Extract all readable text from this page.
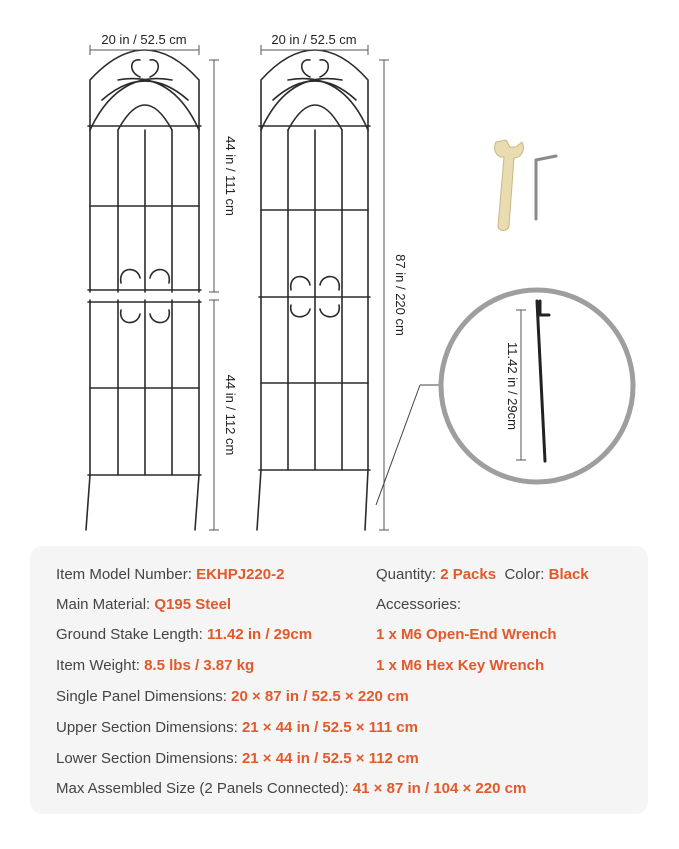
20 in / 52.5 cm	20 in / 52.5 cm
44 in / 111 cm
44 in / 112 cm
87 in / 220 cm
11.42 in / 29cm
Item Model Number: EKHPJ220-2	Quantity: 2 Packs Color: Black
Main Material: Q195 Steel	Accessories:
Ground Stake Length: 11.42 in / 29cm	1 x M6 Open-End Wrench
Item Weight: 8.5 lbs / 3.87 kg	1 x M6 Hex Key Wrench
Single Panel Dimensions: 20 × 87 in / 52.5 × 220 cm
Upper Section Dimensions: 21 × 44 in / 52.5 × 111 cm
Lower Section Dimensions: 21 × 44 in / 52.5 × 112 cm
Max Assembled Size (2 Panels Connected): 41 × 87 in / 104 × 220 cm
